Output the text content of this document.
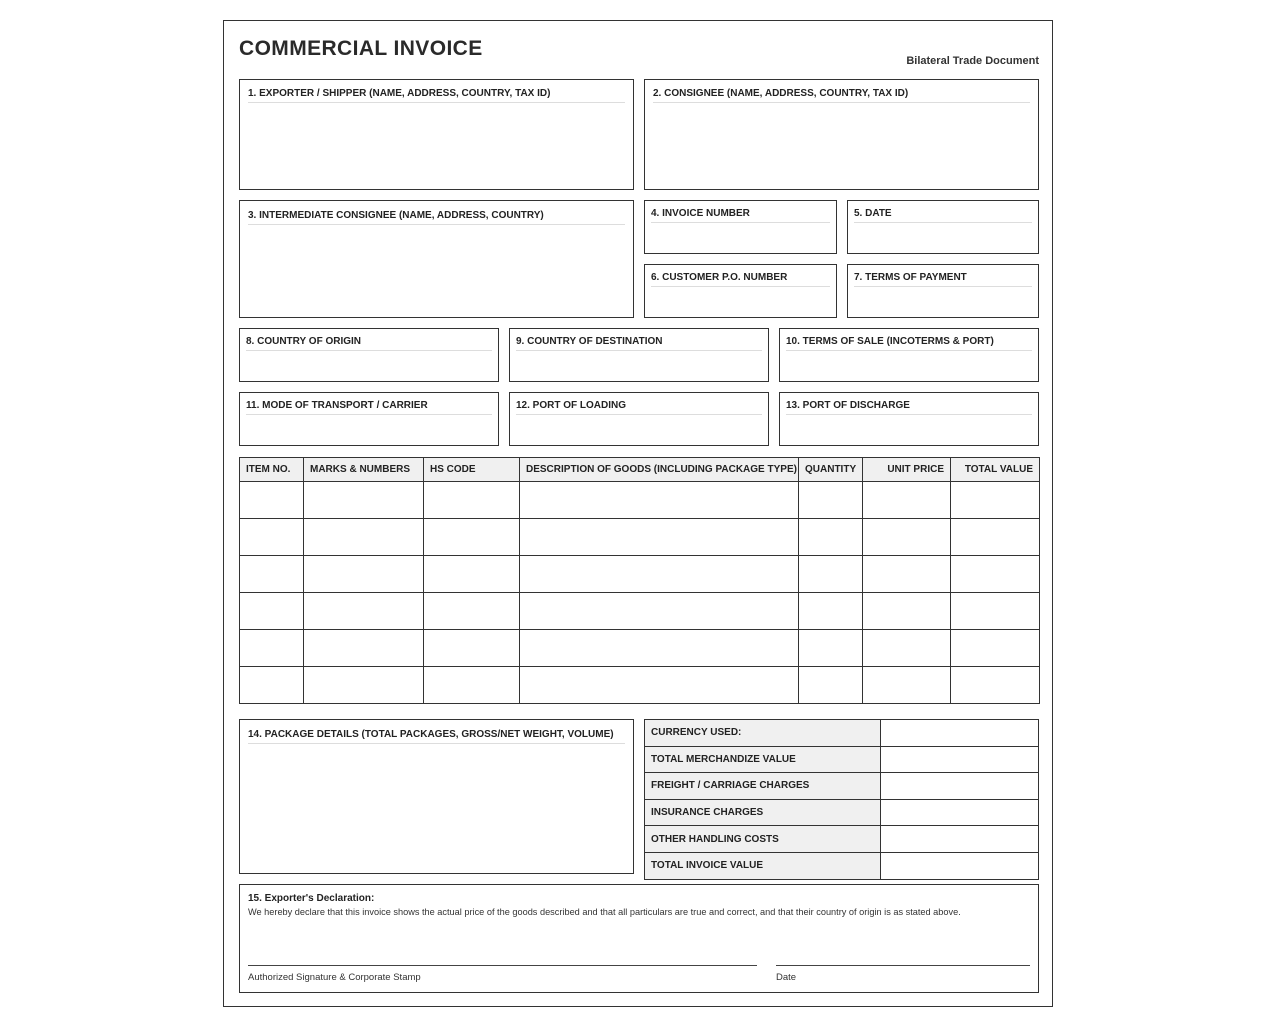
COMMERCIAL INVOICE
Bilateral Trade Document
1. EXPORTER / SHIPPER (NAME, ADDRESS, COUNTRY, TAX ID)	2. CONSIGNEE (NAME, ADDRESS, COUNTRY, TAX ID)
3. INTERMEDIATE CONSIGNEE (NAME, ADDRESS, COUNTRY)	4. INVOICE NUMBER	5. DATE
6. CUSTOMER P.O. NUMBER	7. TERMS OF PAYMENT
8. COUNTRY OF ORIGIN	9. COUNTRY OF DESTINATION	10. TERMS OF SALE (INCOTERMS & PORT)
11. MODE OF TRANSPORT / CARRIER	12. PORT OF LOADING	13. PORT OF DISCHARGE
ITEM NO.	MARKS & NUMBERS	HS CODE	DESCRIPTION OF GOODS (INCLUDING PACKAGE TYPE)	QUANTITY	UNIT PRICE	TOTAL VALUE

14. PACKAGE DETAILS (TOTAL PACKAGES, GROSS/NET WEIGHT, VOLUME)	CURRENCY USED:	
TOTAL MERCHANDIZE VALUE	
FREIGHT / CARRIAGE CHARGES	
INSURANCE CHARGES	
OTHER HANDLING COSTS	
TOTAL INVOICE VALUE	
15. Exporter's Declaration:
We hereby declare that this invoice shows the actual price of the goods described and that all particulars are true and correct, and that their country of origin is as stated above.
Authorized Signature & Corporate Stamp	Date
